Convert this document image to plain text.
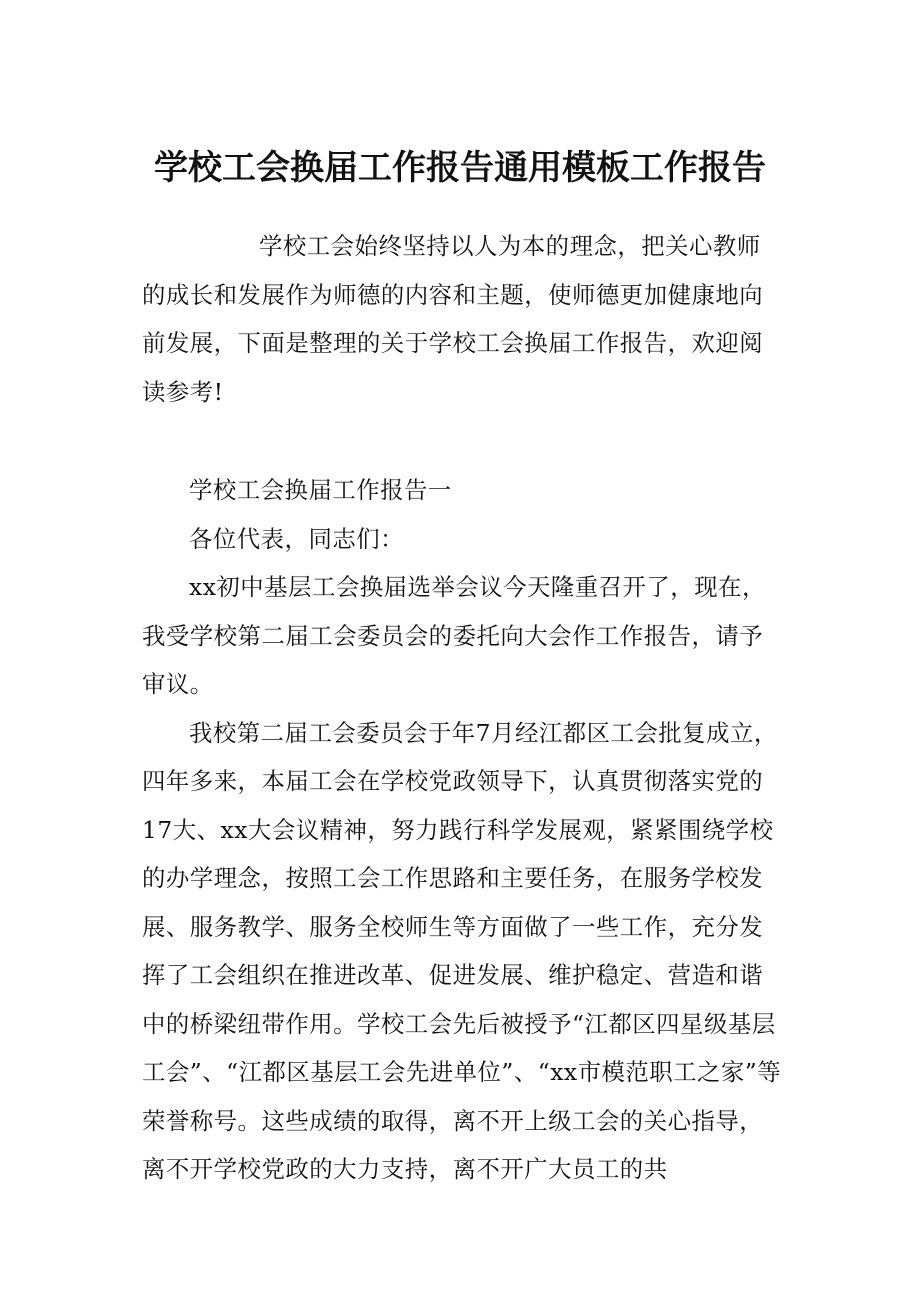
学校工会换届工作报告通用模板工作报告

学校工会始终坚持以人为本的理念，把关心教师的成长和发展作为师德的内容和主题，使师德更加健康地向前发展，下面是整理的关于学校工会换届工作报告，欢迎阅读参考!

学校工会换届工作报告一

各位代表，同志们：

xx初中基层工会换届选举会议今天隆重召开了，现在，我受学校第二届工会委员会的委托向大会作工作报告，请予审议。

我校第二届工会委员会于年7月经江都区工会批复成立，四年多来，本届工会在学校党政领导下，认真贯彻落实党的17大、xx大会议精神，努力践行科学发展观，紧紧围绕学校的办学理念，按照工会工作思路和主要任务，在服务学校发展、服务教学、服务全校师生等方面做了一些工作，充分发挥了工会组织在推进改革、促进发展、维护稳定、营造和谐中的桥梁纽带作用。学校工会先后被授予“江都区四星级基层工会”、“江都区基层工会先进单位”、“xx市模范职工之家”等荣誉称号。这些成绩的取得，离不开上级工会的关心指导，离不开学校党政的大力支持，离不开广大员工的共
